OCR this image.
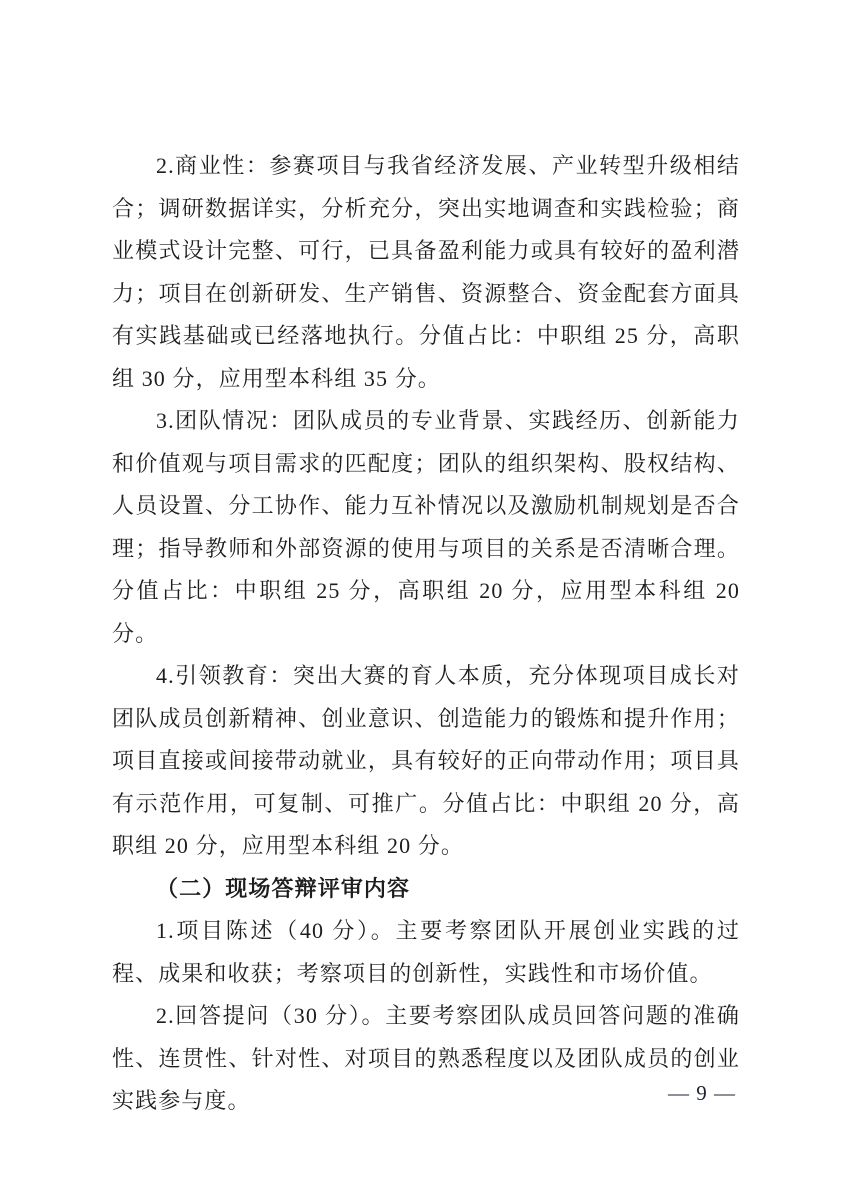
2.商业性：参赛项目与我省经济发展、产业转型升级相结合；调研数据详实，分析充分，突出实地调查和实践检验；商业模式设计完整、可行，已具备盈利能力或具有较好的盈利潜力；项目在创新研发、生产销售、资源整合、资金配套方面具有实践基础或已经落地执行。分值占比：中职组 25 分，高职组 30 分，应用型本科组 35 分。

3.团队情况：团队成员的专业背景、实践经历、创新能力和价值观与项目需求的匹配度；团队的组织架构、股权结构、人员设置、分工协作、能力互补情况以及激励机制规划是否合理；指导教师和外部资源的使用与项目的关系是否清晰合理。分值占比：中职组 25 分，高职组 20 分，应用型本科组 20 分。

4.引领教育：突出大赛的育人本质，充分体现项目成长对团队成员创新精神、创业意识、创造能力的锻炼和提升作用；项目直接或间接带动就业，具有较好的正向带动作用；项目具有示范作用，可复制、可推广。分值占比：中职组 20 分，高职组 20 分，应用型本科组 20 分。

（二）现场答辩评审内容

1.项目陈述（40 分）。主要考察团队开展创业实践的过程、成果和收获；考察项目的创新性，实践性和市场价值。

2.回答提问（30 分）。主要考察团队成员回答问题的准确性、连贯性、针对性、对项目的熟悉程度以及团队成员的创业实践参与度。	— 9 —
